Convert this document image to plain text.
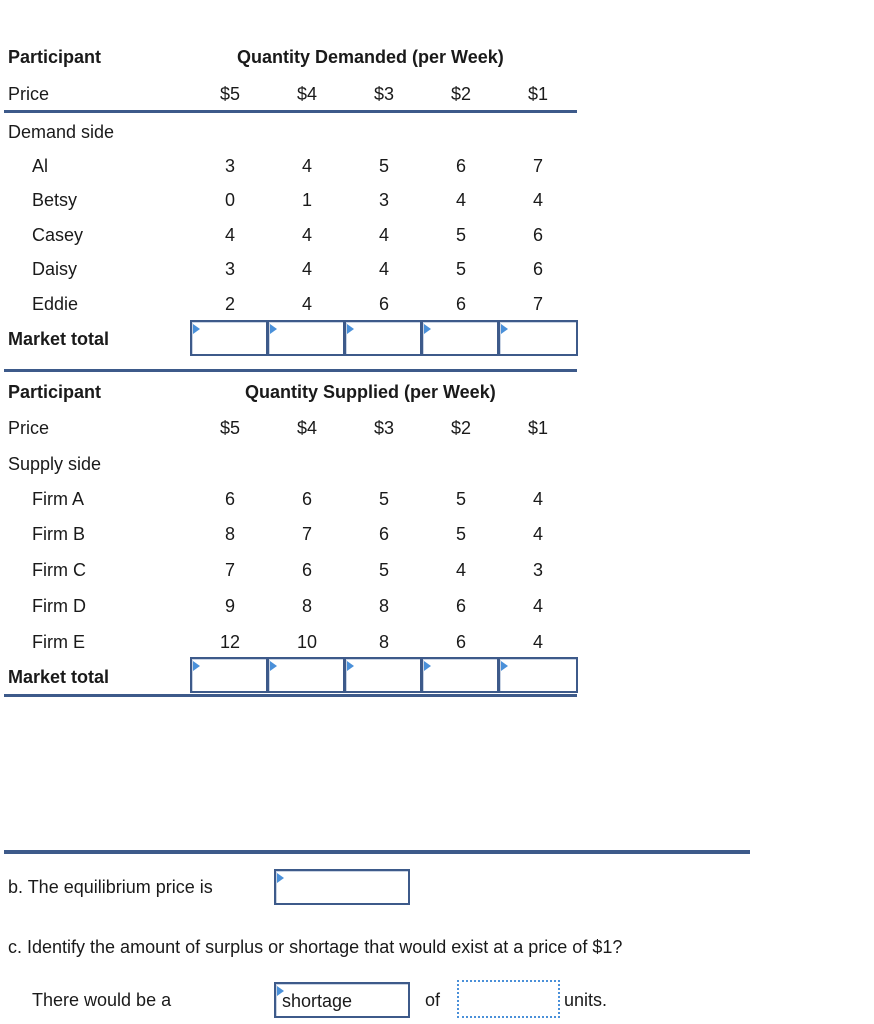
Participant	Quantity Demanded (per Week)
Price	$5	$4	$3	$2	$1
Demand side
Al	3	4	5	6	7
Betsy	0	1	3	4	4
Casey	4	4	4	5	6
Daisy	3	4	4	5	6
Eddie	2	4	6	6	7
Market total
Participant	Quantity Supplied (per Week)
Price	$5	$4	$3	$2	$1
Supply side
Firm A	6	6	5	5	4
Firm B	8	7	6	5	4
Firm C	7	6	5	4	3
Firm D	9	8	8	6	4
Firm E	12	10	8	6	4
Market total
b. The equilibrium price is
c. Identify the amount of surplus or shortage that would exist at a price of $1?
There would be a	shortage	of	units.
